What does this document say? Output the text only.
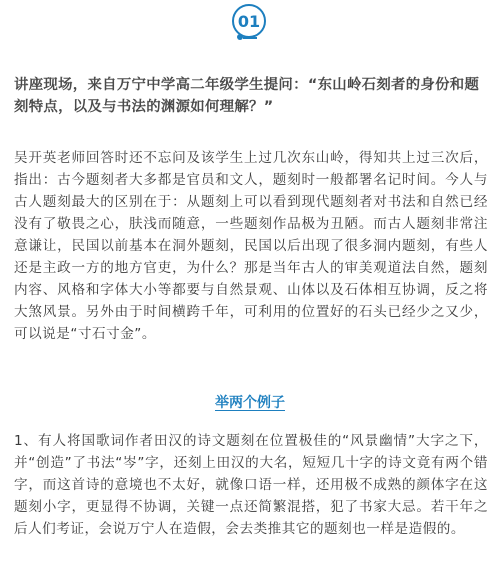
01

讲座现场，来自万宁中学高二年级学生提问：“东山岭石刻者的身份和题刻特点，以及与书法的渊源如何理解？”

吴开英老师回答时还不忘问及该学生上过几次东山岭，得知共上过三次后，指出：古今题刻者大多都是官员和文人，题刻时一般都署名记时间。今人与古人题刻最大的区别在于：从题刻上可以看到现代题刻者对书法和自然已经没有了敬畏之心，肤浅而随意，一些题刻作品极为丑陋。而古人题刻非常注意谦让，民国以前基本在洞外题刻，民国以后出现了很多洞内题刻，有些人还是主政一方的地方官吏，为什么？那是当年古人的审美观道法自然，题刻内容、风格和字体大小等都要与自然景观、山体以及石体相互协调，反之将大煞风景。另外由于时间横跨千年，可利用的位置好的石头已经少之又少，可以说是“寸石寸金”。

举两个例子

1、有人将国歌词作者田汉的诗文题刻在位置极佳的“风景幽情”大字之下，并“创造”了书法“岑”字，还刻上田汉的大名，短短几十字的诗文竟有两个错字，而这首诗的意境也不太好，就像口语一样，还用极不成熟的颜体字在这题刻小字，更显得不协调，关键一点还简繁混搭，犯了书家大忌。若干年之后人们考证，会说万宁人在造假，会去类推其它的题刻也一样是造假的。
